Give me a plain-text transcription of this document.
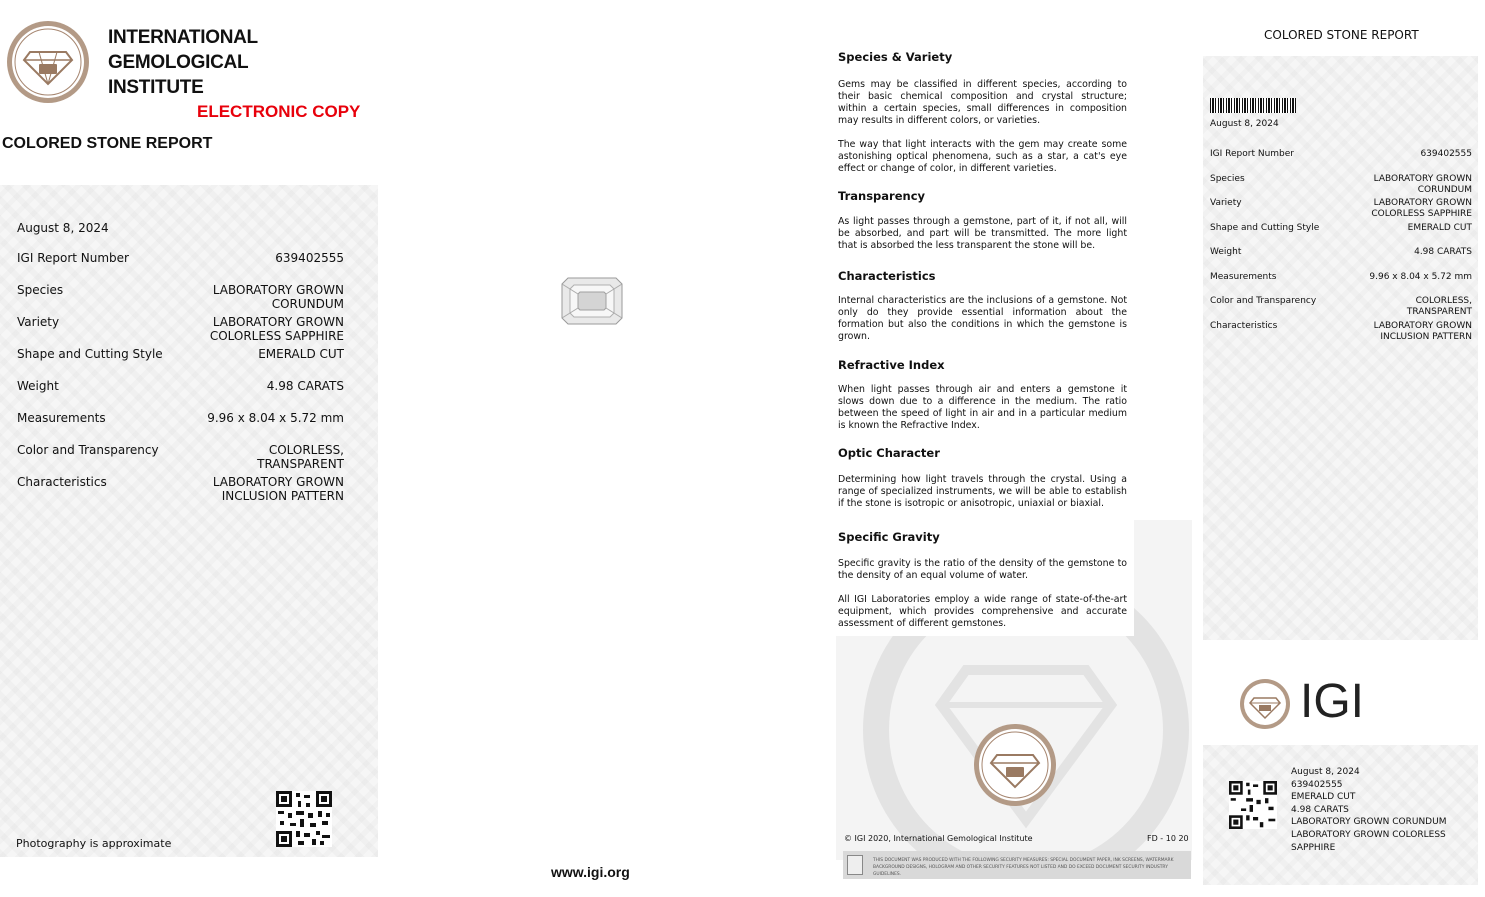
INTERNATIONAL
GEMOLOGICAL
INSTITUTE
ELECTRONIC COPY
COLORED STONE REPORT
August 8, 2024
IGI Report Number	639402555
Species	LABORATORY GROWN
CORUNDUM
Variety	LABORATORY GROWN
COLORLESS SAPPHIRE
Shape and Cutting Style	EMERALD CUT
Weight	4.98 CARATS
Measurements	9.96 x 8.04 x 5.72 mm
Color and Transparency	COLORLESS,
TRANSPARENT
Characteristics	LABORATORY GROWN
INCLUSION PATTERN
Photography is approximate
www.igi.org
Species & Variety
Gems may be classified in different species, according to their basic chemical composition and crystal structure; within a certain species, small differences in composition may results in different colors, or varieties.

The way that light interacts with the gem may create some astonishing optical phenomena, such as a star, a cat's eye effect or change of color, in different varieties.
Transparency
As light passes through a gemstone, part of it, if not all, will be absorbed, and part will be transmitted. The more light that is absorbed the less transparent the stone will be.
Characteristics
Internal characteristics are the inclusions of a gemstone. Not only do they provide essential information about the formation but also the conditions in which the gemstone is grown.
Refractive Index
When light passes through air and enters a gemstone it slows down due to a difference in the medium. The ratio between the speed of light in air and in a particular medium is known the Refractive Index.
Optic Character
Determining how light travels through the crystal. Using a range of specialized instruments, we will be able to establish if the stone is isotropic or anisotropic, uniaxial or biaxial.
Specific Gravity
Specific gravity is the ratio of the density of the gemstone to the density of an equal volume of water.

All IGI Laboratories employ a wide range of state-of-the-art equipment, which provides comprehensive and accurate assessment of different gemstones.
© IGI 2020, International Gemological Institute	FD - 10 20
THIS DOCUMENT WAS PRODUCED WITH THE FOLLOWING SECURITY MEASURES: SPECIAL DOCUMENT PAPER, INK SCREENS, WATERMARK BACKGROUND DESIGNS, HOLOGRAM AND OTHER SECURITY FEATURES NOT LISTED AND DO EXCEED DOCUMENT SECURITY INDUSTRY GUIDELINES.
COLORED STONE REPORT
August 8, 2024
IGI Report Number	639402555
Species	LABORATORY GROWN
CORUNDUM
Variety	LABORATORY GROWN
COLORLESS SAPPHIRE
Shape and Cutting Style	EMERALD CUT
Weight	4.98 CARATS
Measurements	9.96 x 8.04 x 5.72 mm
Color and Transparency	COLORLESS,
TRANSPARENT
Characteristics	LABORATORY GROWN
INCLUSION PATTERN
IGI
August 8, 2024
639402555
EMERALD CUT
4.98 CARATS
LABORATORY GROWN CORUNDUM
LABORATORY GROWN COLORLESS
SAPPHIRE
